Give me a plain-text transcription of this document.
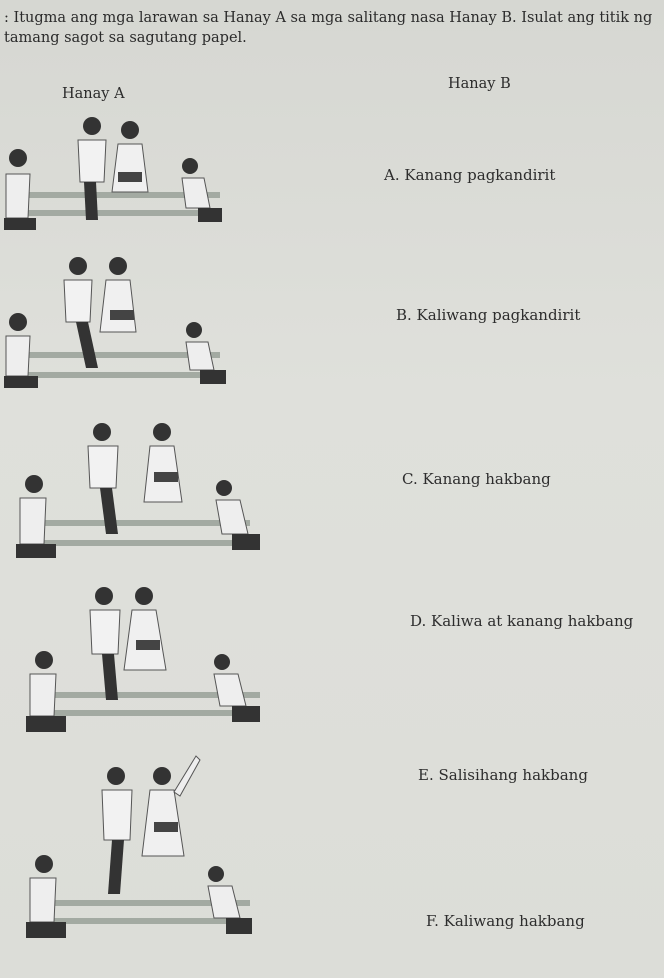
: Itugma ang mga larawan sa Hanay A sa mga salitang nasa Hanay B. Isulat ang titik ng tamang sagot sa sagutang papel.
Hanay A
Hanay B
A. Kanang pagkandirit
B. Kaliwang pagkandirit
C. Kanang hakbang
D. Kaliwa at kanang hakbang
E. Salisihang hakbang
F. Kaliwang hakbang
